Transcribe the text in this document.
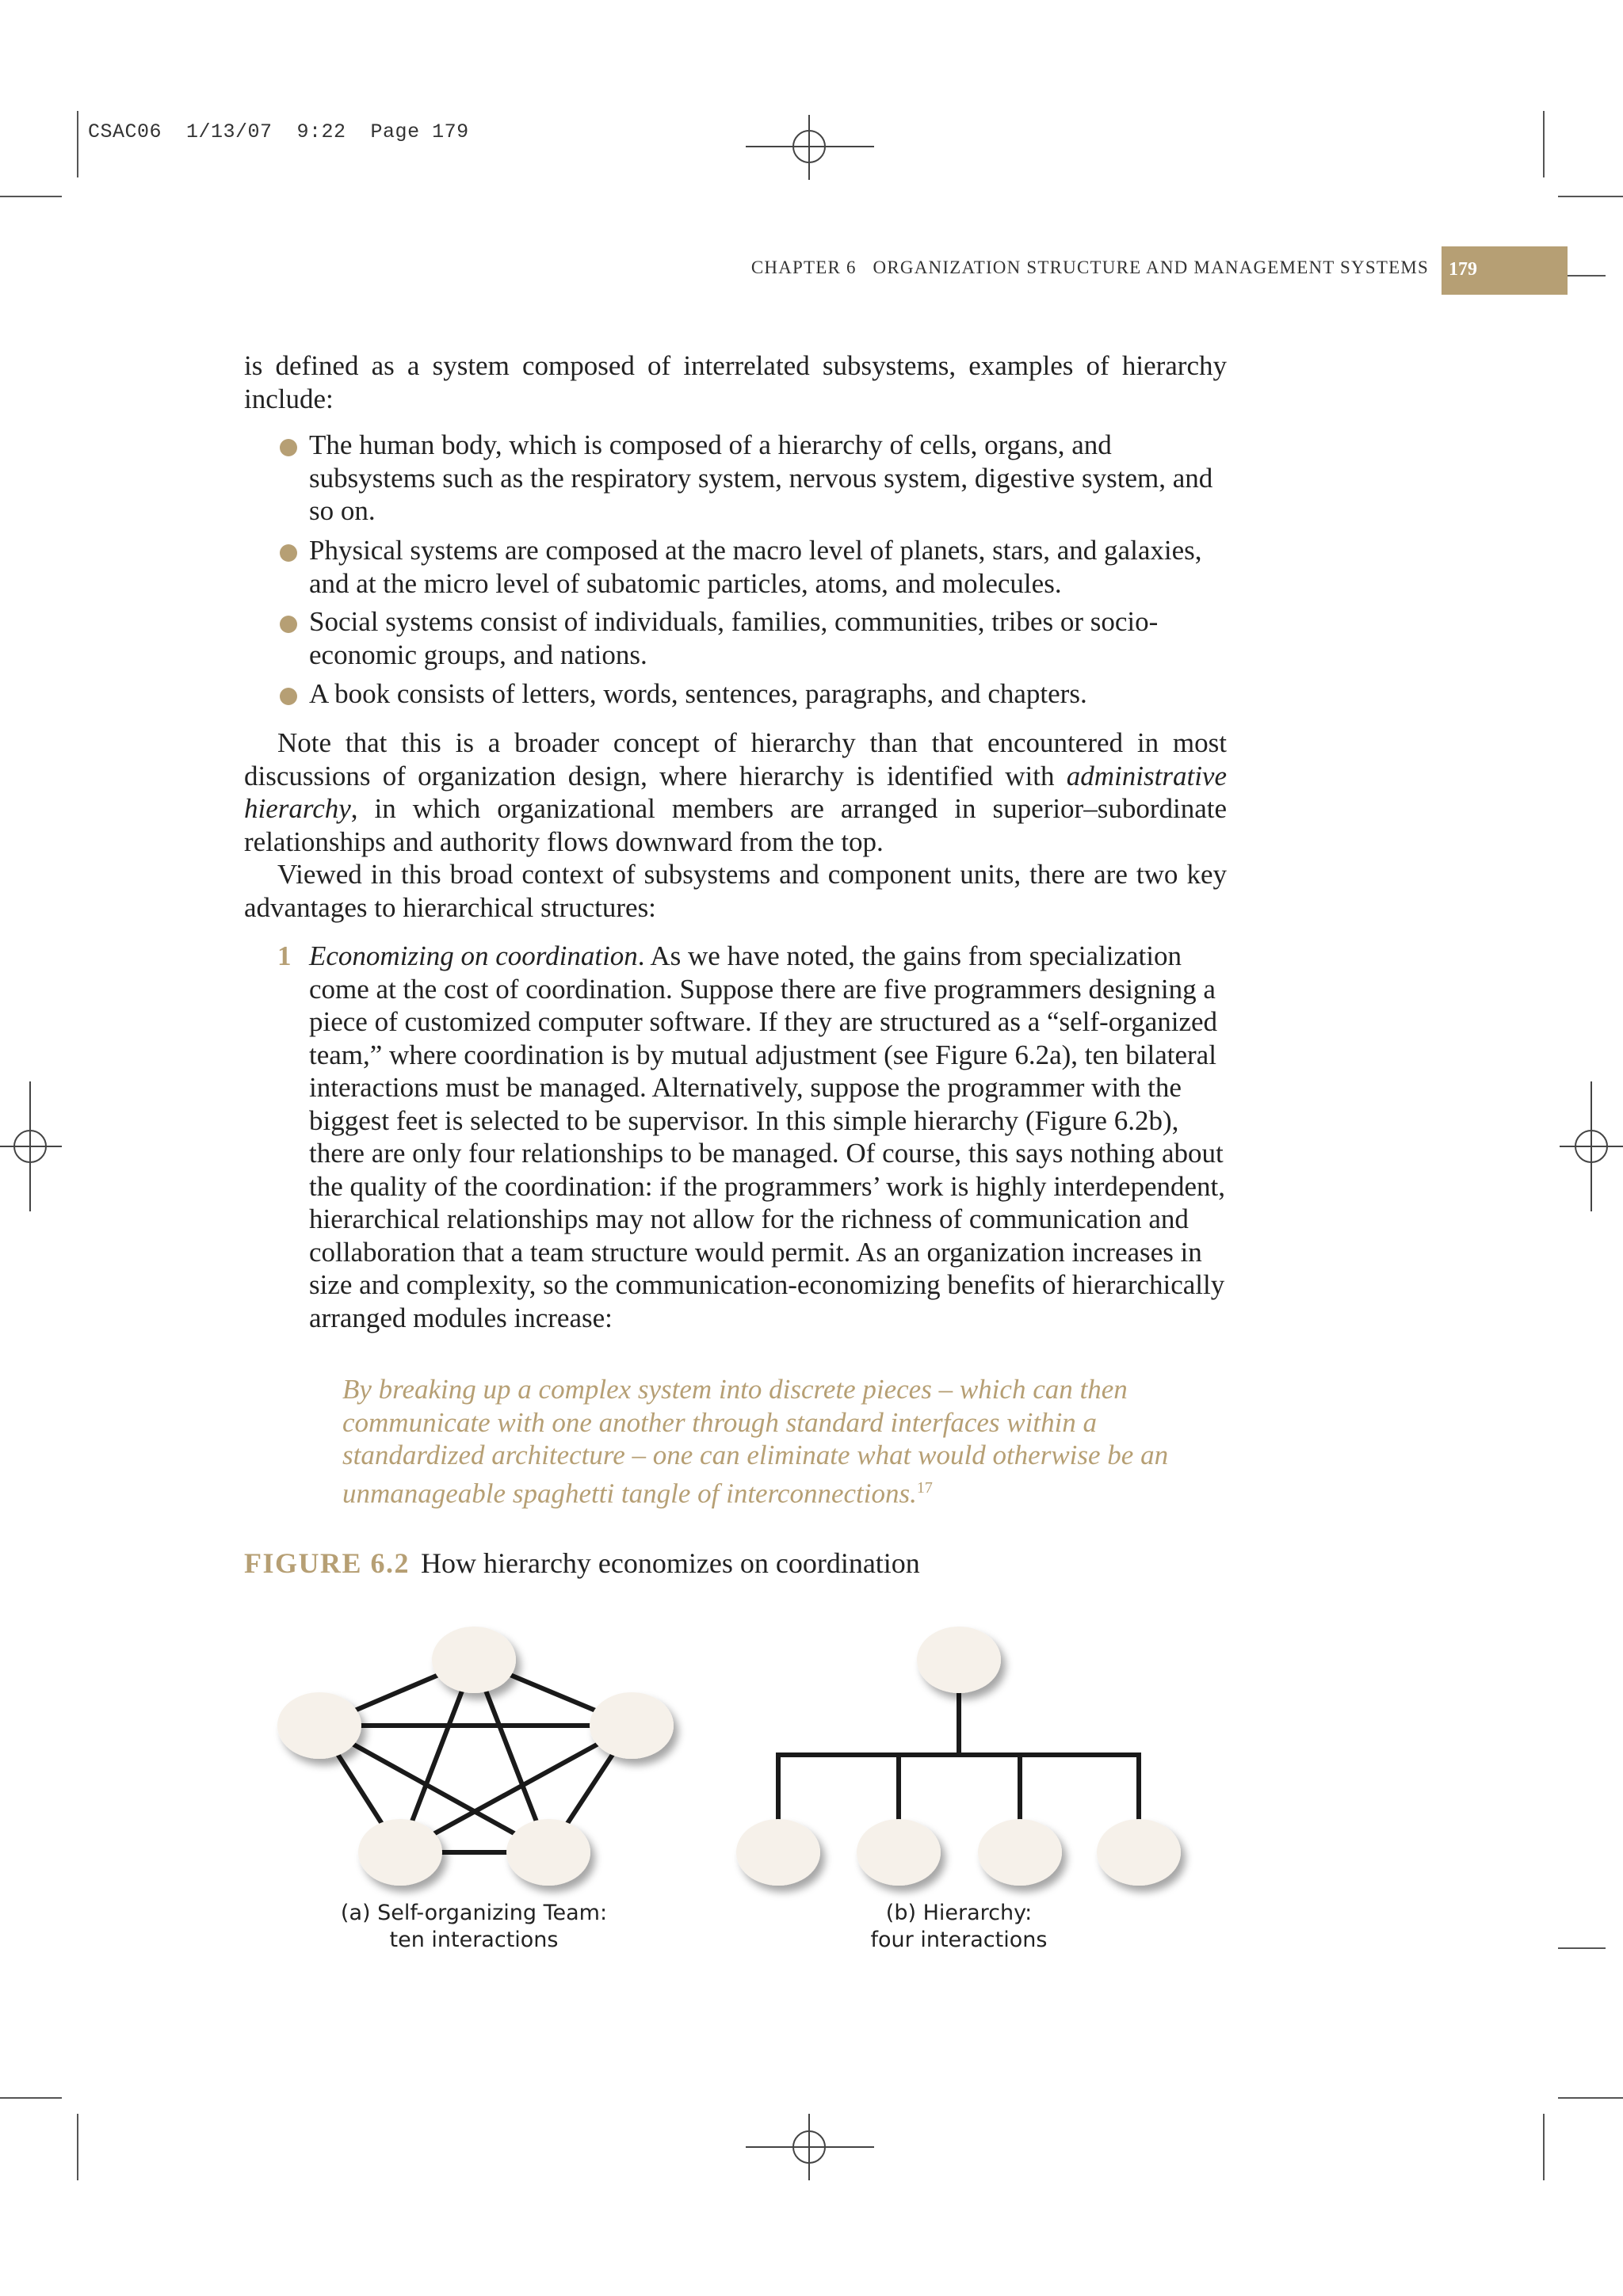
CSAC06  1/13/07  9:22  Page 179
CHAPTER 6   ORGANIZATION STRUCTURE AND MANAGEMENT SYSTEMS	179

is defined as a system composed of interrelated subsystems, examples of hierarchy include:

The human body, which is composed of a hierarchy of cells, organs, and subsystems such as the respiratory system, nervous system, digestive system, and so on.
Physical systems are composed at the macro level of planets, stars, and galaxies, and at the micro level of subatomic particles, atoms, and molecules.
Social systems consist of individuals, families, communities, tribes or socio-economic groups, and nations.
A book consists of letters, words, sentences, paragraphs, and chapters.

Note that this is a broader concept of hierarchy than that encountered in most discussions of organization design, where hierarchy is identified with administrative hierarchy, in which organizational members are arranged in superior–subordinate relationships and authority flows downward from the top.

Viewed in this broad context of subsystems and component units, there are two key advantages to hierarchical structures:

1 Economizing on coordination. As we have noted, the gains from specialization come at the cost of coordination. Suppose there are five programmers designing a piece of customized computer software. If they are structured as a “self-organized team,” where coordination is by mutual adjustment (see Figure 6.2a), ten bilateral interactions must be managed. Alternatively, suppose the programmer with the biggest feet is selected to be supervisor. In this simple hierarchy (Figure 6.2b), there are only four relationships to be managed. Of course, this says nothing about the quality of the coordination: if the programmers’ work is highly interdependent, hierarchical relationships may not allow for the richness of communication and collaboration that a team structure would permit. As an organization increases in size and complexity, so the communication-economizing benefits of hierarchically arranged modules increase:
By breaking up a complex system into discrete pieces – which can then communicate with one another through standard interfaces within a standardized architecture – one can eliminate what would otherwise be an unmanageable spaghetti tangle of interconnections.$^{17}$
FIGURE 6.2 How hierarchy economizes on coordination
(a) Self-organizing Team:
ten interactions
(b) Hierarchy:
four interactions
